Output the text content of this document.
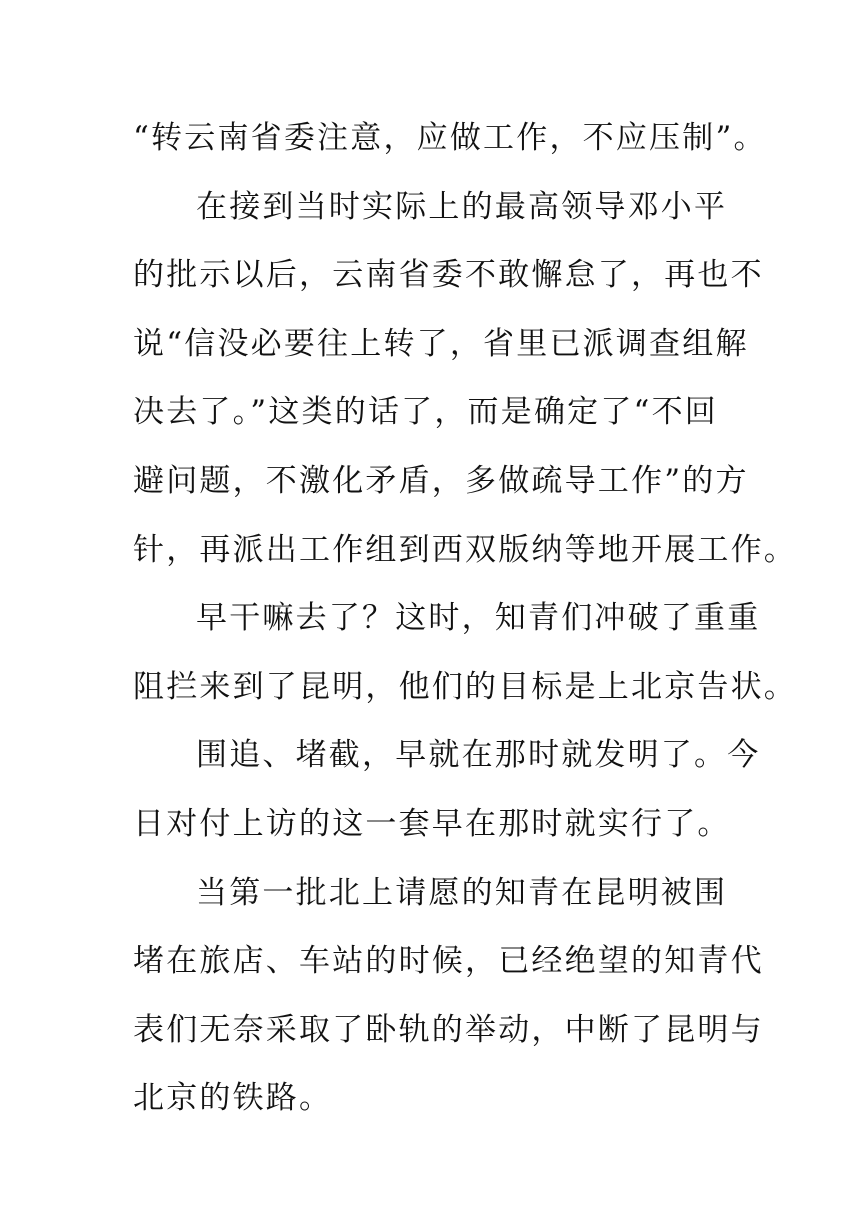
“转云南省委注意，应做工作，不应压制”。
在接到当时实际上的最高领导邓小平
的批示以后，云南省委不敢懈怠了，再也不
说“信没必要往上转了，省里已派调查组解
决去了。”这类的话了，而是确定了“不回
避问题，不激化矛盾，多做疏导工作”的方
针，再派出工作组到西双版纳等地开展工作。
早干嘛去了？这时，知青们冲破了重重
阻拦来到了昆明，他们的目标是上北京告状。
围追、堵截，早就在那时就发明了。今
日对付上访的这一套早在那时就实行了。
当第一批北上请愿的知青在昆明被围
堵在旅店、车站的时候，已经绝望的知青代
表们无奈采取了卧轨的举动，中断了昆明与
北京的铁路。
